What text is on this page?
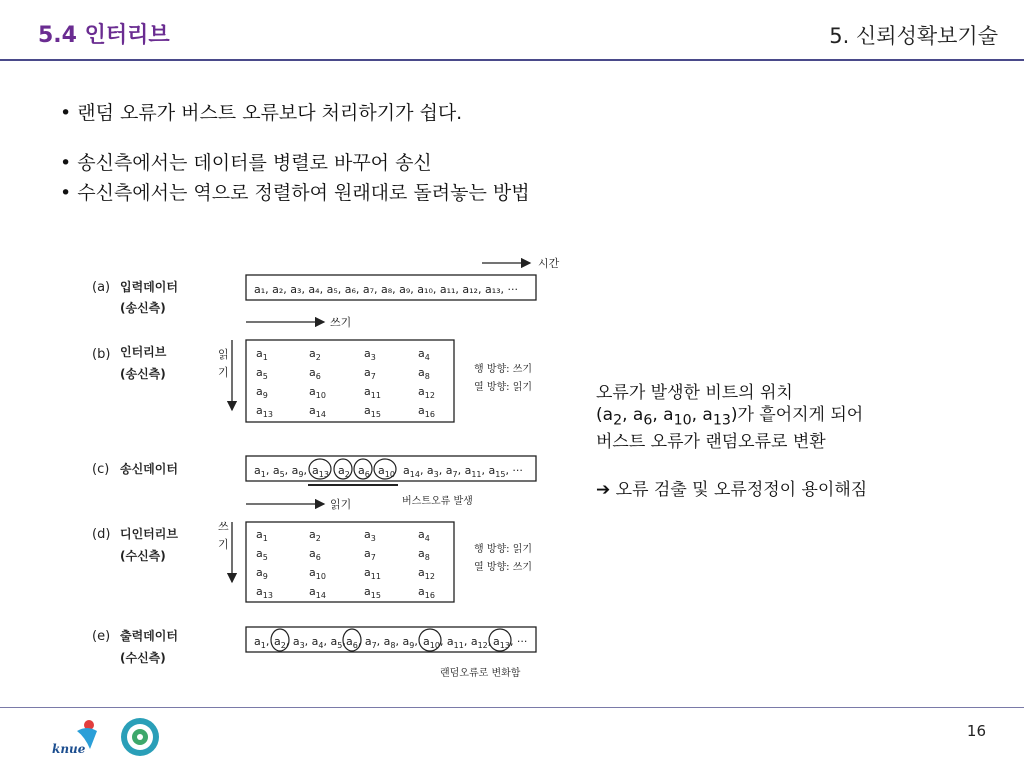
5.4 인터리브	5. 신뢰성확보기술
• 랜덤 오류가 버스트 오류보다 처리하기가 쉽다.
• 송신측에서는 데이터를 병렬로 바꾸어 송신
• 수신측에서는 역으로 정렬하여 원래대로 돌려놓는 방법
시간
(a) 입력데이터
(송신측)
a₁, a₂, a₃, a₄, a₅, a₆, a₇, a₈, a₉, a₁₀, a₁₁, a₁₂, a₁₃, ···
쓰기
(b) 인터리브
(송신측)
읽
기
$a_1$	$a_2$	$a_3$	$a_4$
$a_5$	$a_6$	$a_7$	$a_8$
$a_9$	$a_{10}$	$a_{11}$	$a_{12}$
$a_{13}$	$a_{14}$	$a_{15}$	$a_{16}$
행 방향: 쓰기
열 방향: 읽기
(c) 송신데이터	$a_1$, $a_5$, $a_9$, $a_{13}$ $a_2$ $a_6$ $a_{10}$ $a_{14}$, $a_3$, $a_7$, $a_{11}$, $a_{15}$, ···
읽기	버스트오류 발생
(d) 디인터리브
(수신측)
쓰
기
$a_1$	$a_2$	$a_3$	$a_4$
$a_5$	$a_6$	$a_7$	$a_8$
$a_9$	$a_{10}$	$a_{11}$	$a_{12}$
$a_{13}$	$a_{14}$	$a_{15}$	$a_{16}$
행 방향: 읽기
열 방향: 쓰기
(e) 출력데이터
(수신측)
$a_1$, $a_2$, $a_3$, $a_4$, $a_5$, $a_6$, $a_7$, $a_8$, $a_9$, $a_{10}$, $a_{11}$, $a_{12}$, $a_{13}$, ···
랜덤오류로 변화함
오류가 발생한 비트의 위치
($a_2$, $a_6$, $a_{10}$, $a_{13}$)가 흩어지게 되어
버스트 오류가 랜덤오류로 변환
➔ 오류 검출 및 오류정정이 용이해짐
knue
16
